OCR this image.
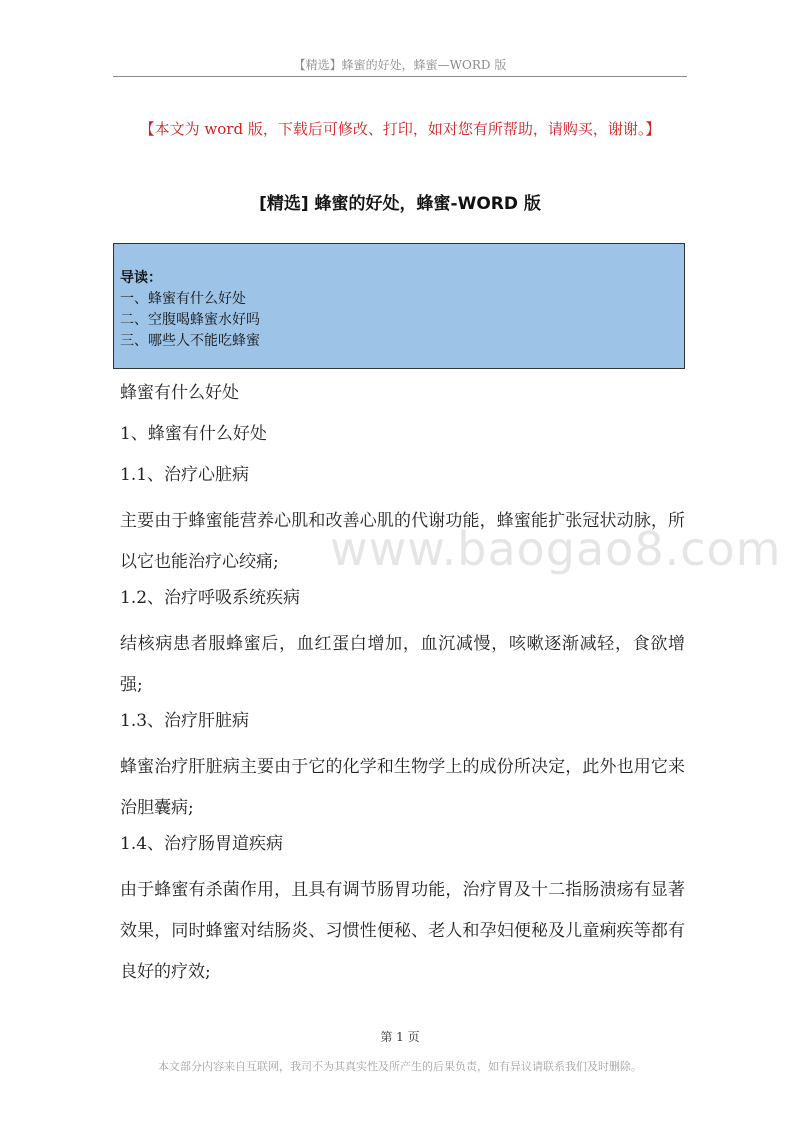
【精选】蜂蜜的好处，蜂蜜—WORD 版
【本文为 word 版，下载后可修改、打印，如对您有所帮助，请购买，谢谢。】
[精选] 蜂蜜的好处，蜂蜜-WORD 版
导读：
一、蜂蜜有什么好处
二、空腹喝蜂蜜水好吗
三、哪些人不能吃蜂蜜

蜂蜜有什么好处

1、蜂蜜有什么好处

1.1、治疗心脏病

主要由于蜂蜜能营养心肌和改善心肌的代谢功能，蜂蜜能扩张冠状动脉，所以它也能治疗心绞痛;

1.2、治疗呼吸系统疾病

结核病患者服蜂蜜后，血红蛋白增加，血沉减慢，咳嗽逐渐减轻，食欲增强;

1.3、治疗肝脏病

蜂蜜治疗肝脏病主要由于它的化学和生物学上的成份所决定，此外也用它来治胆囊病;

1.4、治疗肠胃道疾病

由于蜂蜜有杀菌作用，且具有调节肠胃功能，治疗胃及十二指肠溃疡有显著效果，同时蜂蜜对结肠炎、习惯性便秘、老人和孕妇便秘及儿童痢疾等都有良好的疗效;

www.baogao8.com
第 1 页
本文部分内容来自互联网，我司不为其真实性及所产生的后果负责，如有异议请联系我们及时删除。
